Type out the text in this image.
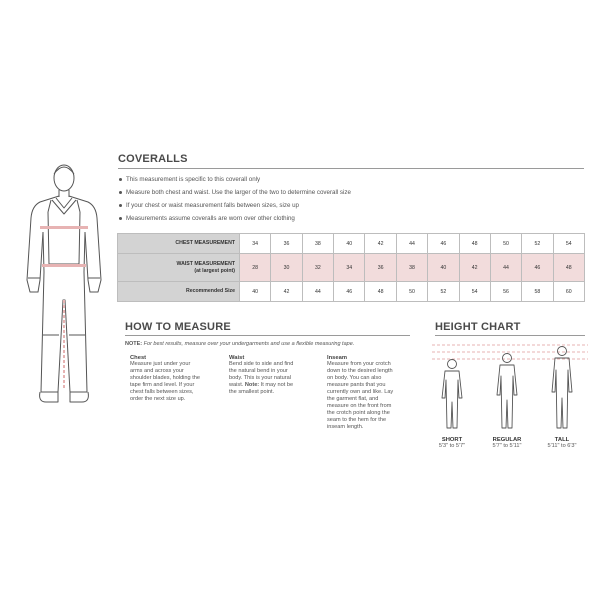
COVERALLS
This measurement is specific to this coverall only
Measure both chest and waist. Use the larger of the two to determine coverall size
If your chest or waist measurement falls between sizes, size up
Measurements assume coveralls are worn over other clothing
CHEST MEASUREMENT	34	36	38	40	42	44	46	48	50	52	54
WAIST MEASUREMENT
(at largest point)	28	30	32	34	36	38	40	42	44	46	48
Recommended Size	40	42	44	46	48	50	52	54	56	58	60
HOW TO MEASURE
NOTE: For best results, measure over your undergarments and use a flexible measuring tape.
Chest
Measure just under your
arms and across your
shoulder blades, holding the
tape firm and level. If your
chest falls between sizes,
order the next size up.
Waist
Bend side to side and find
the natural bend in your
body. This is your natural
waist. Note: It may not be
the smallest point.
Inseam
Measure from your crotch
down to the desired length
on body. You can also
measure pants that you
currently own and like. Lay
the garment flat, and
measure on the front from
the crotch point along the
seam to the hem for the
inseam length.
HEIGHT CHART
SHORT
5'3" to 5'7"
REGULAR
5'7" to 5'11"
TALL
5'11" to 6'3"
